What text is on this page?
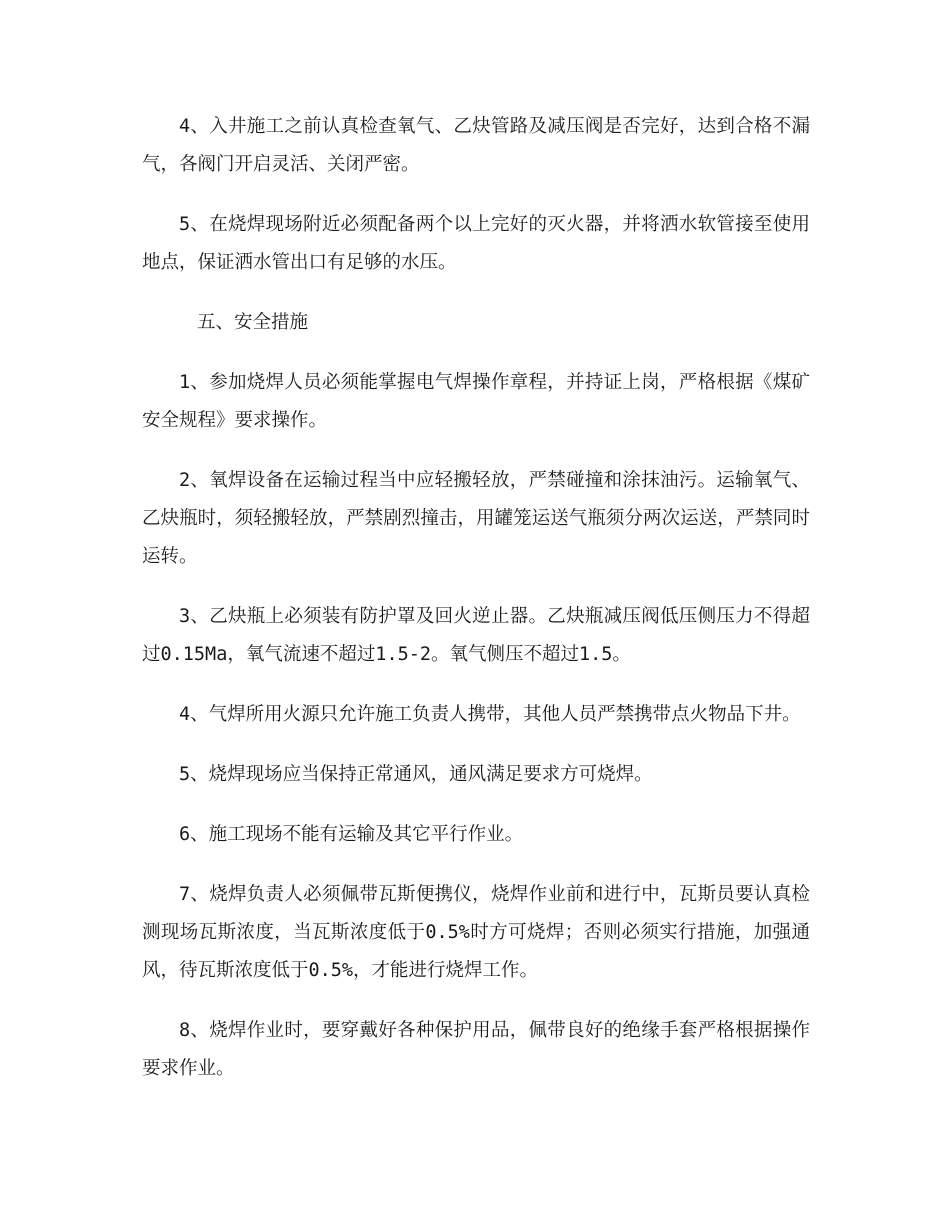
4、入井施工之前认真检查氧气、乙炔管路及减压阀是否完好，达到合格不漏气，各阀门开启灵活、关闭严密。

5、在烧焊现场附近必须配备两个以上完好的灭火器，并将洒水软管接至使用地点，保证洒水管出口有足够的水压。

五、安全措施

1、参加烧焊人员必须能掌握电气焊操作章程，并持证上岗，严格根据《煤矿安全规程》要求操作。

2、氧焊设备在运输过程当中应轻搬轻放，严禁碰撞和涂抹油污。运输氧气、乙炔瓶时，须轻搬轻放，严禁剧烈撞击，用罐笼运送气瓶须分两次运送，严禁同时运转。

3、乙炔瓶上必须装有防护罩及回火逆止器。乙炔瓶减压阀低压侧压力不得超过0.15Ma，氧气流速不超过1.5-2。氧气侧压不超过1.5。

4、气焊所用火源只允许施工负责人携带，其他人员严禁携带点火物品下井。

5、烧焊现场应当保持正常通风，通风满足要求方可烧焊。

6、施工现场不能有运输及其它平行作业。

7、烧焊负责人必须佩带瓦斯便携仪，烧焊作业前和进行中，瓦斯员要认真检测现场瓦斯浓度，当瓦斯浓度低于0.5%时方可烧焊；否则必须实行措施，加强通风，待瓦斯浓度低于0.5%，才能进行烧焊工作。

8、烧焊作业时，要穿戴好各种保护用品，佩带良好的绝缘手套严格根据操作要求作业。
